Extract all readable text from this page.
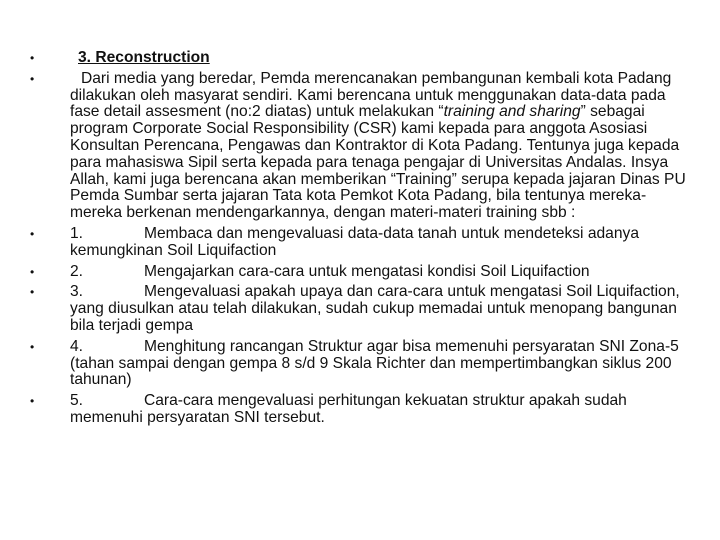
•	3. Reconstruction
•	Dari media yang beredar, Pemda merencanakan pembangunan kembali kota Padang dilakukan oleh masyarat sendiri. Kami berencana untuk menggunakan data-data pada fase detail assesment (no:2 diatas) untuk melakukan “training and sharing” sebagai program Corporate Social Responsibility (CSR) kami kepada para anggota Asosiasi Konsultan Perencana, Pengawas dan Kontraktor di Kota Padang. Tentunya juga kepada para mahasiswa Sipil serta kepada para tenaga pengajar di Universitas Andalas. Insya Allah, kami juga berencana akan memberikan “Training” serupa kepada jajaran Dinas PU Pemda Sumbar serta jajaran Tata kota Pemkot Kota Padang, bila tentunya mereka-mereka berkenan mendengarkannya, dengan materi-materi training sbb :
•	1.	Membaca dan mengevaluasi data-data tanah untuk mendeteksi adanya kemungkinan Soil Liquifaction
•	2.	Mengajarkan cara-cara untuk mengatasi kondisi Soil Liquifaction
•	3.	Mengevaluasi apakah upaya dan cara-cara untuk mengatasi Soil Liquifaction, yang diusulkan atau telah dilakukan, sudah cukup memadai untuk menopang bangunan bila terjadi gempa
•	4.	Menghitung rancangan Struktur agar bisa memenuhi persyaratan SNI Zona-5 (tahan sampai dengan gempa 8 s/d 9 Skala Richter dan mempertimbangkan siklus 200 tahunan)
•	5.	Cara-cara mengevaluasi perhitungan kekuatan struktur apakah sudah memenuhi persyaratan SNI tersebut.
